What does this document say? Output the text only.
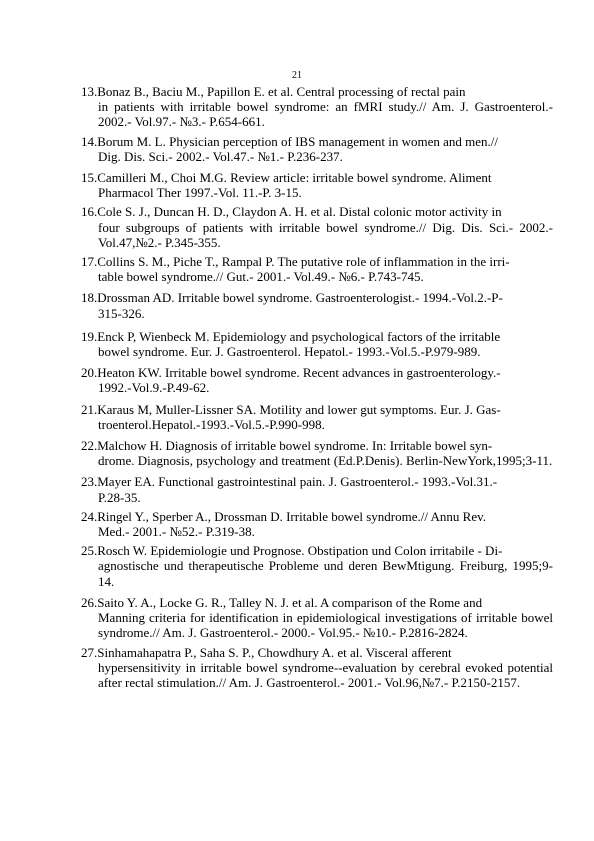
21
13.Bonaz B., Baciu M., Papillon E. et al. Central processing of rectal pain
in patients with irritable bowel syndrome: an fMRI study.// Am. J. Gastroenterol.- 2002.- Vol.97.- №3.- P.654-661.
14.Borum M. L. Physician perception of IBS management in women and men.//
Dig. Dis. Sci.- 2002.- Vol.47.- №1.- P.236-237.
15.Camilleri M., Choi M.G. Review article: irritable bowel syndrome. Aliment
Pharmacol Ther 1997.-Vol. 11.-P. 3-15.
16.Cole S. J., Duncan H. D., Claydon A. H. et al. Distal colonic motor activity in
four subgroups of patients with irritable bowel syndrome.// Dig. Dis. Sci.- 2002.- Vol.47,№2.- P.345-355.
17.Collins S. M., Piche T., Rampal P. The putative role of inflammation in the irri-
table bowel syndrome.// Gut.- 2001.- Vol.49.- №6.- P.743-745.
18.Drossman AD. Irritable bowel syndrome. Gastroenterologist.- 1994.-Vol.2.-P-
315-326.
19.Enck P, Wienbeck M. Epidemiology and psychological factors of the irritable
bowel syndrome. Eur. J. Gastroenterol. Hepatol.- 1993.-Vol.5.-P.979-989.
20.Heaton KW. Irritable bowel syndrome. Recent advances in gastroenterology.-
1992.-Vol.9.-P.49-62.
21.Karaus M, Muller-Lissner SA. Motility and lower gut symptoms. Eur. J. Gas-
troenterol.Hepatol.-1993.-Vol.5.-P.990-998.
22.Malchow H. Diagnosis of irritable bowel syndrome. In: Irritable bowel syn-
drome. Diagnosis, psychology and treatment (Ed.P.Denis). Berlin-NewYork,1995;3-11.
23.Mayer EA. Functional gastrointestinal pain. J. Gastroenterol.- 1993.-Vol.31.-
P.28-35.
24.Ringel Y., Sperber A., Drossman D. Irritable bowel syndrome.// Annu Rev.
Med.- 2001.- №52.- P.319-38.
25.Rosch W. Epidemiologie und Prognose. Obstipation und Colon irritabile - Di-
agnostische und therapeutische Probleme und deren BewMtigung. Freiburg, 1995;9-14.
26.Saito Y. A., Locke G. R., Talley N. J. et al. A comparison of the Rome and
Manning criteria for identification in epidemiological investigations of irritable bowel syndrome.// Am. J. Gastroenterol.- 2000.- Vol.95.- №10.- P.2816-2824.
27.Sinhamahapatra P., Saha S. P., Chowdhury A. et al. Visceral afferent
hypersensitivity in irritable bowel syndrome--evaluation by cerebral evoked potential after rectal stimulation.// Am. J. Gastroenterol.- 2001.- Vol.96,№7.- P.2150-2157.
